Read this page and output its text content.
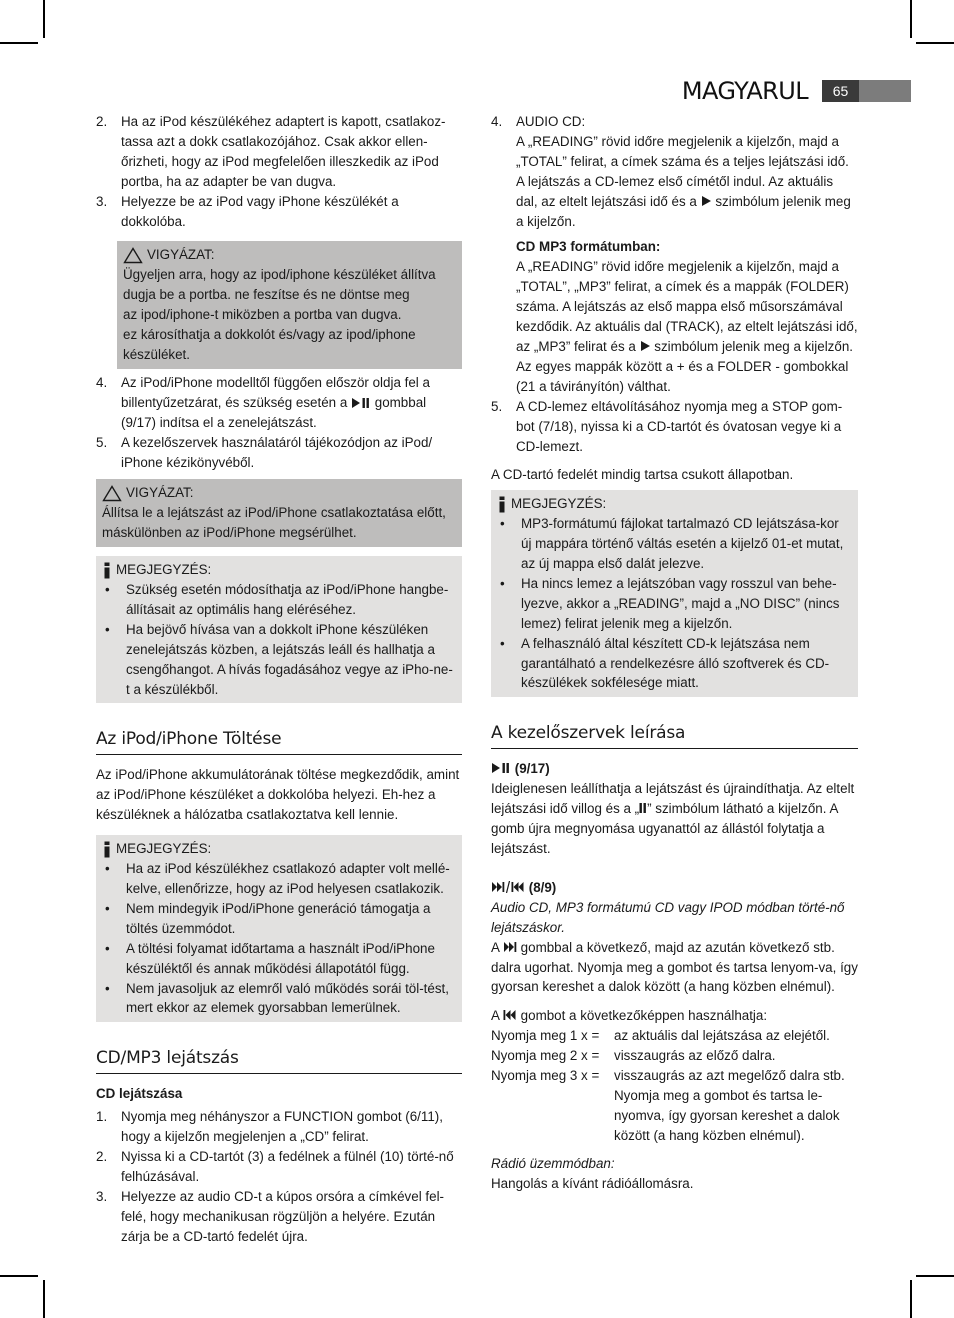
MAGYARUL	65
2.	Ha az iPod készülékéhez adaptert is kapott, csatlakoz-tassa azt a dokk csatlakozójához. Csak akkor ellen-őrizheti, hogy az iPod megfelelően illeszkedik az iPod portba, ha az adapter be van dugva.
3.	Helyezze be az iPod vagy iPhone készülékét a dokkolóba.
VIGYÁZAT:
Ügyeljen arra, hogy az ipod/iphone készüléket állítva dugja be a portba. ne feszítse és ne döntse meg
az ipod/iphone-t miközben a portba van dugva.
ez károsíthatja a dokkolót és/vagy az ipod/iphone készüléket.
4.	Az iPod/iPhone modelltől függően először oldja fel a billentyűzetzárat, és szükség esetén a gombbal (9/17) indítsa el a zenelejátszást.
5.	A kezelőszervek használatáról tájékozódjon az iPod/ iPhone kézikönyvéből.
VIGYÁZAT:
Állítsa le a lejátszást az iPod/iPhone csatlakoztatása előtt, máskülönben az iPod/iPhone megsérülhet.
MEGJEGYZÉS:
•	Szükség esetén módosíthatja az iPod/iPhone hangbe-állításait az optimális hang eléréséhez.
•	Ha bejövő hívása van a dokkolt iPhone készüléken zenelejátszás közben, a lejátszás leáll és hallhatja a csengőhangot. A hívás fogadásához vegye az iPho-ne-t a készülékből.
Az iPod/iPhone Töltése
Az iPod/iPhone akkumulátorának töltése megkezdődik, amint az iPod/iPhone készüléket a dokkolóba helyezi. Eh-hez a készüléknek a hálózatba csatlakoztatva kell lennie.
MEGJEGYZÉS:
•	Ha az iPod készülékhez csatlakozó adapter volt mellé-kelve, ellenőrizze, hogy az iPod helyesen csatlakozik.
•	Nem mindegyik iPod/iPhone generáció támogatja a töltés üzemmódot.
•	A töltési folyamat időtartama a használt iPod/iPhone készüléktől és annak működési állapotától függ.
•	Nem javasoljuk az elemről való működés sorái töl-tést, mert ekkor az elemek gyorsabban lemerülnek.
CD/MP3 lejátszás
CD lejátszása
1.	Nyomja meg néhányszor a FUNCTION gombot (6/11), hogy a kijelzőn megjelenjen a „CD” felirat.
2.	Nyissa ki a CD-tartót (3) a fedélnek a fülnél (10) törté-nő felhúzásával.
3.	Helyezze az audio CD-t a kúpos orsóra a címkével fel-felé, hogy mechanikusan rögzüljön a helyére. Ezután zárja be a CD-tartó fedelét újra.
4.	AUDIO CD:
A „READING” rövid időre megjelenik a kijelzőn, majd a „TOTAL” felirat, a címek száma és a teljes lejátszási idő. A lejátszás a CD-lemez első címétől indul. Az aktuális dal, az eltelt lejátszási idő és a szimbólum jelenik meg a kijelzőn.
CD MP3 formátumban:
A „READING” rövid időre megjelenik a kijelzőn, majd a „TOTAL”, „MP3” felirat, a címek és a mappák (FOLDER) száma. A lejátszás az első mappa első műsorszámával kezdődik. Az aktuális dal (TRACK), az eltelt lejátszási idő, az „MP3” felirat és a szimbólum jelenik meg a kijelzőn. Az egyes mappák között a + és a FOLDER - gombokkal (21 a távirányítón) válthat.
5.	A CD-lemez eltávolításához nyomja meg a STOP gom-bot (7/18), nyissa ki a CD-tartót és óvatosan vegye ki a CD-lemezt.
A CD-tartó fedelét mindig tartsa csukott állapotban.
MEGJEGYZÉS:
•	MP3-formátumú fájlokat tartalmazó CD lejátszása-kor új mappára történő váltás esetén a kijelző 01-et mutat, az új mappa első dalát jelezve.
•	Ha nincs lemez a lejátszóban vagy rosszul van behe-lyezve, akkor a „READING”, majd a „NO DISC” (nincs lemez) felirat jelenik meg a kijelzőn.
•	A felhasználó által készített CD-k lejátszása nem garantálható a rendelkezésre álló szoftverek és CD-készülékek sokfélesége miatt.
A kezelőszervek leírása
(9/17)
Ideiglenesen leállíthatja a lejátszást és újraindíthatja. Az eltelt lejátszási idő villog és a „ ” szimbólum látható a kijelzőn. A gomb újra megnyomása ugyanattól az állástól folytatja a lejátszást.
(8/9)
Audio CD, MP3 formátumú CD vagy IPOD módban törté-nő lejátszáskor.
A gombbal a következő, majd az azután következő stb. dalra ugorhat. Nyomja meg a gombot és tartsa lenyom-va, így gyorsan kereshet a dalok között (a hang közben elnémul).
A gombot a következőképpen használhatja:
Nyomja meg 1 x =	az aktuális dal lejátszása az elejétől.
Nyomja meg 2 x =	visszaugrás az előző dalra.
Nyomja meg 3 x =	visszaugrás az azt megelőző dalra stb. Nyomja meg a gombot és tartsa le-nyomva, így gyorsan kereshet a dalok között (a hang közben elnémul).
Rádió üzemmódban:
Hangolás a kívánt rádióállomásra.
